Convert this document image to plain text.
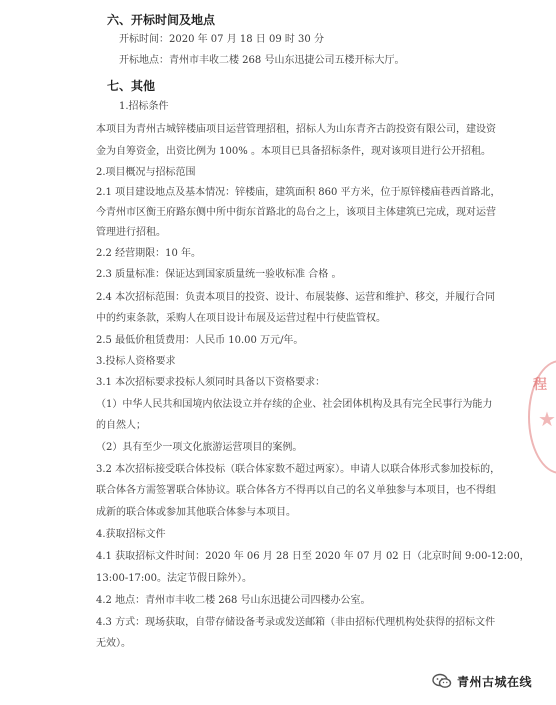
六、开标时间及地点
开标时间：2020 年 07 月 18 日 09 时 30 分
开标地点：青州市丰收二楼 268 号山东迅捷公司五楼开标大厅。
七、其他
1.招标条件
本项目为青州古城锌楼庙项目运营管理招租，招标人为山东青齐古韵投资有限公司，建设资
金为自筹资金，出资比例为 100% 。本项目已具备招标条件，现对该项目进行公开招租。
2.项目概况与招标范围
2.1 项目建设地点及基本情况：锌楼庙，建筑面积 860 平方米，位于原锌楼庙巷西首路北，
今青州市区衡王府路东侧中所中街东首路北的岛台之上，该项目主体建筑已完成，现对运营
管理进行招租。
2.2 经营期限：10 年。
2.3 质量标准：保证达到国家质量统一验收标准 合格 。
2.4 本次招标范围：负责本项目的投资、设计、布展装修、运营和维护、移交，并履行合同
中的约束条款，采购人在项目设计布展及运营过程中行使监管权。
2.5 最低价租赁费用：人民币 10.00 万元/年。
3.投标人资格要求
3.1 本次招标要求投标人须同时具备以下资格要求：
（1）中华人民共和国境内依法设立并存续的企业、社会团体机构及具有完全民事行为能力
的自然人；
（2）具有至少一项文化旅游运营项目的案例。
3.2 本次招标接受联合体投标（联合体家数不超过两家）。申请人以联合体形式参加投标的，
联合体各方需签署联合体协议。联合体各方不得再以自己的名义单独参与本项目，也不得组
成新的联合体或参加其他联合体参与本项目。
4.获取招标文件
4.1 获取招标文件时间：2020 年 06 月 28 日至 2020 年 07 月 02 日（北京时间 9:00-12:00，
13:00-17:00。法定节假日除外）。
4.2 地点：青州市丰收二楼 268 号山东迅捷公司四楼办公室。
4.3 方式：现场获取，自带存储设备考录或发送邮箱（非由招标代理机构处获得的招标文件
无效）。
程
★
青州古城在线
